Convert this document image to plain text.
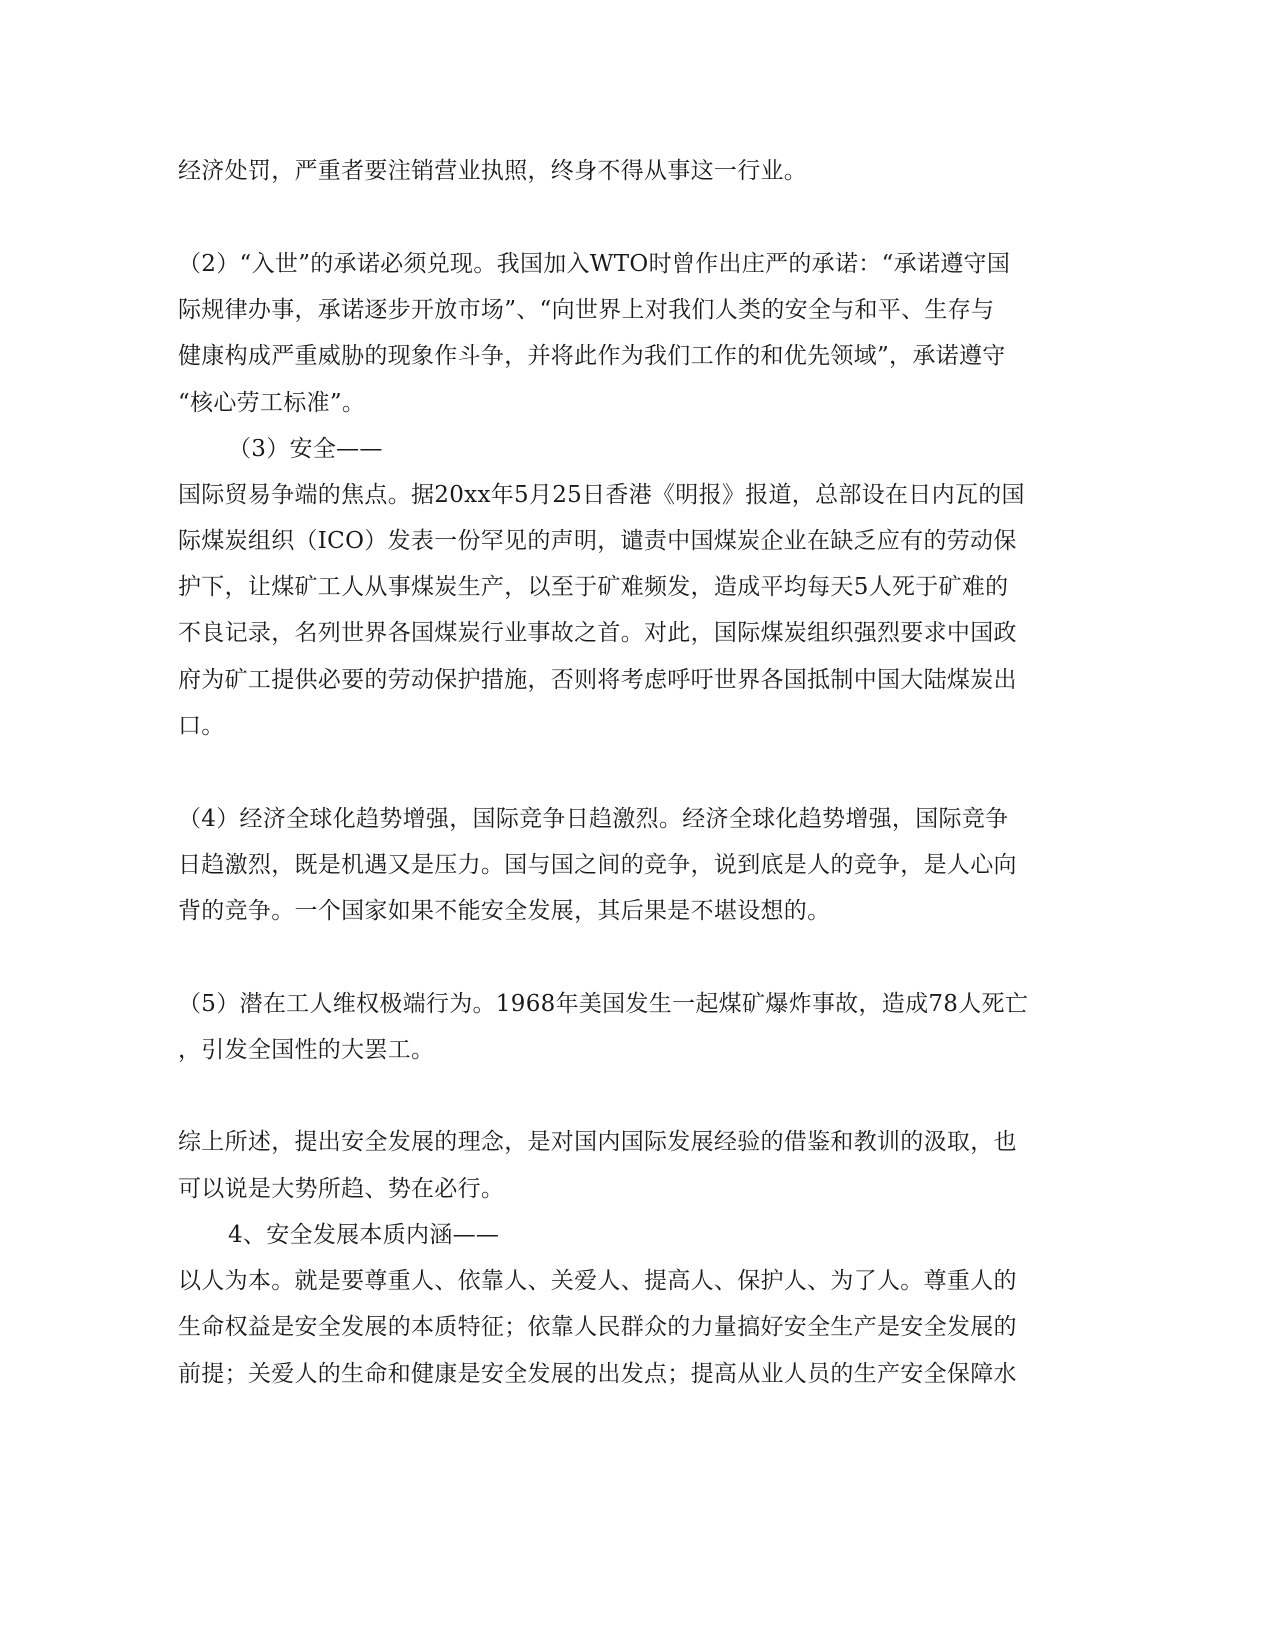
经济处罚，严重者要注销营业执照，终身不得从事这一行业。
（2）“入世”的承诺必须兑现。我国加入WTO时曾作出庄严的承诺：“承诺遵守国
际规律办事，承诺逐步开放市场”、“向世界上对我们人类的安全与和平、生存与
健康构成严重威胁的现象作斗争，并将此作为我们工作的和优先领域”，承诺遵守
“核心劳工标准”。
（3）安全——
国际贸易争端的焦点。据20xx年5月25日香港《明报》报道，总部设在日内瓦的国
际煤炭组织（ICO）发表一份罕见的声明，谴责中国煤炭企业在缺乏应有的劳动保
护下，让煤矿工人从事煤炭生产，以至于矿难频发，造成平均每天5人死于矿难的
不良记录，名列世界各国煤炭行业事故之首。对此，国际煤炭组织强烈要求中国政
府为矿工提供必要的劳动保护措施，否则将考虑呼吁世界各国抵制中国大陆煤炭出
口。
（4）经济全球化趋势增强，国际竞争日趋激烈。经济全球化趋势增强，国际竞争
日趋激烈，既是机遇又是压力。国与国之间的竞争，说到底是人的竞争，是人心向
背的竞争。一个国家如果不能安全发展，其后果是不堪设想的。
（5）潜在工人维权极端行为。1968年美国发生一起煤矿爆炸事故，造成78人死亡
，引发全国性的大罢工。
综上所述，提出安全发展的理念，是对国内国际发展经验的借鉴和教训的汲取，也
可以说是大势所趋、势在必行。
4、安全发展本质内涵——
以人为本。就是要尊重人、依靠人、关爱人、提高人、保护人、为了人。尊重人的
生命权益是安全发展的本质特征；依靠人民群众的力量搞好安全生产是安全发展的
前提；关爱人的生命和健康是安全发展的出发点；提高从业人员的生产安全保障水
